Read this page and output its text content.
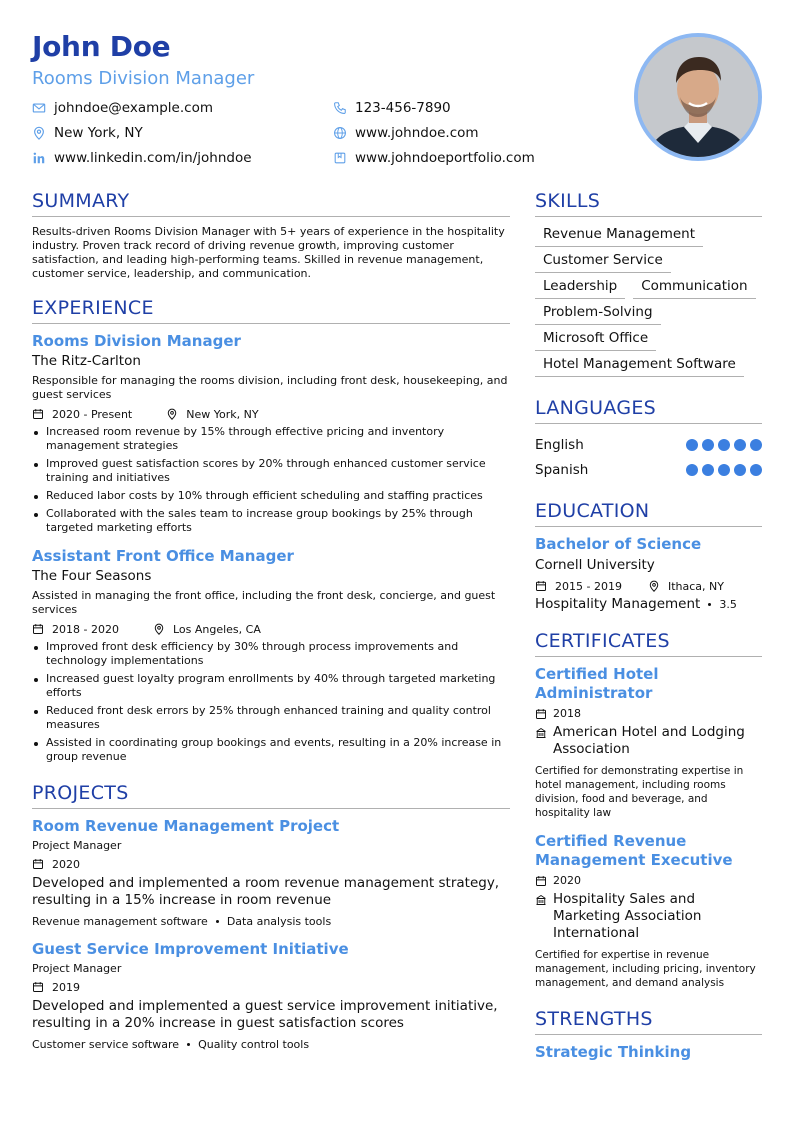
John Doe
Rooms Division Manager
johndoe@example.com
New York, NY
www.linkedin.com/in/johndoe
123-456-7890
www.johndoe.com
www.johndoeportfolio.com
SUMMARY
Results-driven Rooms Division Manager with 5+ years of experience in the hospitality industry. Proven track record of driving revenue growth, improving customer satisfaction, and leading high-performing teams. Skilled in revenue management, customer service, leadership, and communication.
EXPERIENCE
Rooms Division Manager
The Ritz-Carlton
Responsible for managing the rooms division, including front desk, housekeeping, and guest services
2020 - Present	New York, NY
Increased room revenue by 15% through effective pricing and inventory management strategies
Improved guest satisfaction scores by 20% through enhanced customer service training and initiatives
Reduced labor costs by 10% through efficient scheduling and staffing practices
Collaborated with the sales team to increase group bookings by 25% through targeted marketing efforts
Assistant Front Office Manager
The Four Seasons
Assisted in managing the front office, including the front desk, concierge, and guest services
2018 - 2020	Los Angeles, CA
Improved front desk efficiency by 30% through process improvements and technology implementations
Increased guest loyalty program enrollments by 40% through targeted marketing efforts
Reduced front desk errors by 25% through enhanced training and quality control measures
Assisted in coordinating group bookings and events, resulting in a 20% increase in group revenue
PROJECTS
Room Revenue Management Project
Project Manager
2020
Developed and implemented a room revenue management strategy, resulting in a 15% increase in room revenue
Revenue management software Data analysis tools
Guest Service Improvement Initiative
Project Manager
2019
Developed and implemented a guest service improvement initiative, resulting in a 20% increase in guest satisfaction scores
Customer service software Quality control tools
SKILLS
Revenue Management
Customer Service
Leadership	Communication
Problem-Solving
Microsoft Office
Hotel Management Software
LANGUAGES
English
Spanish
EDUCATION
Bachelor of Science
Cornell University
2015 - 2019	Ithaca, NY
Hospitality Management 3.5
CERTIFICATES
Certified Hotel Administrator
2018
American Hotel and Lodging Association
Certified for demonstrating expertise in hotel management, including rooms division, food and beverage, and hospitality law
Certified Revenue Management Executive
2020
Hospitality Sales and Marketing Association International
Certified for expertise in revenue management, including pricing, inventory management, and demand analysis
STRENGTHS
Strategic Thinking
